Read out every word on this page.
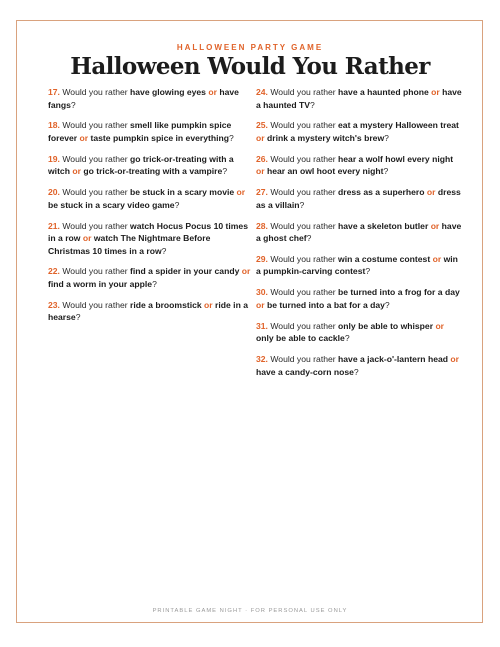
HALLOWEEN PARTY GAME
Halloween Would You Rather

17. Would you rather have glowing eyes or have fangs?

18. Would you rather smell like pumpkin spice forever or taste pumpkin spice in everything?

19. Would you rather go trick-or-treating with a witch or go trick-or-treating with a vampire?

20. Would you rather be stuck in a scary movie or be stuck in a scary video game?

21. Would you rather watch Hocus Pocus 10 times in a row or watch The Nightmare Before Christmas 10 times in a row?

22. Would you rather find a spider in your candy or find a worm in your apple?

23. Would you rather ride a broomstick or ride in a hearse?

24. Would you rather have a haunted phone or have a haunted TV?

25. Would you rather eat a mystery Halloween treat or drink a mystery witch's brew?

26. Would you rather hear a wolf howl every night or hear an owl hoot every night?

27. Would you rather dress as a superhero or dress as a villain?

28. Would you rather have a skeleton butler or have a ghost chef?

29. Would you rather win a costume contest or win a pumpkin-carving contest?

30. Would you rather be turned into a frog for a day or be turned into a bat for a day?

31. Would you rather only be able to whisper or only be able to cackle?

32. Would you rather have a jack-o'-lantern head or have a candy-corn nose?

PRINTABLE GAME NIGHT · FOR PERSONAL USE ONLY
